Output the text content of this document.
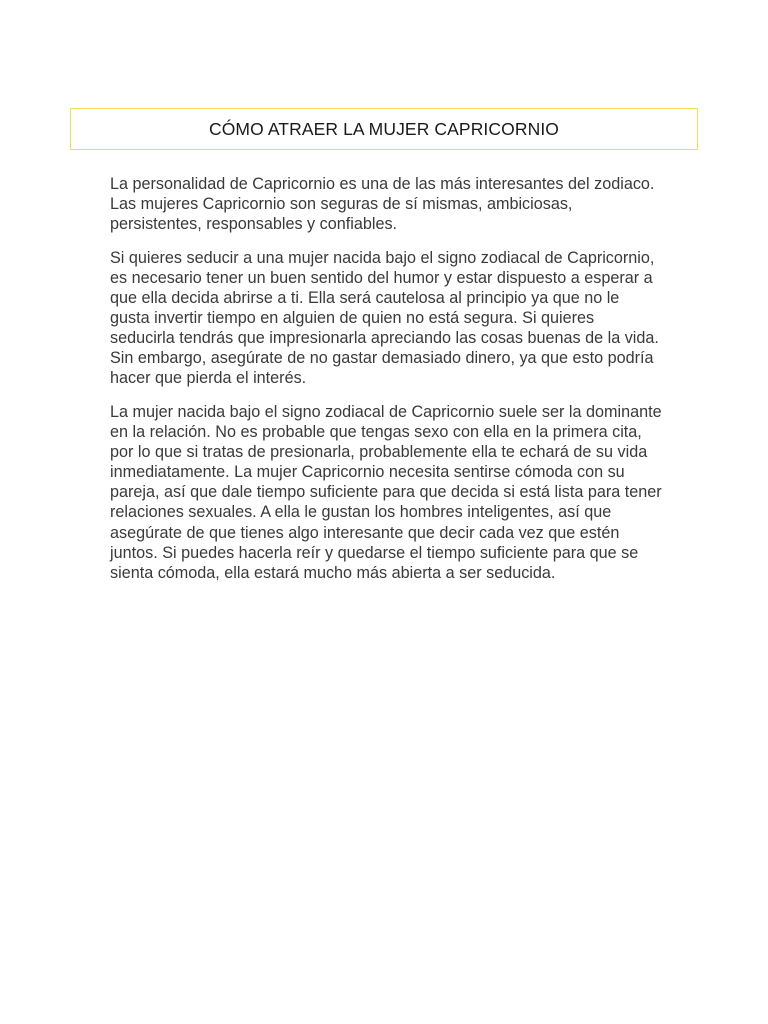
CÓMO ATRAER LA MUJER CAPRICORNIO

La personalidad de Capricornio es una de las más interesantes del zodiaco. Las mujeres Capricornio son seguras de sí mismas, ambiciosas, persistentes, responsables y confiables.

Si quieres seducir a una mujer nacida bajo el signo zodiacal de Capricornio, es necesario tener un buen sentido del humor y estar dispuesto a esperar a que ella decida abrirse a ti. Ella será cautelosa al principio ya que no le gusta invertir tiempo en alguien de quien no está segura. Si quieres seducirla tendrás que impresionarla apreciando las cosas buenas de la vida. Sin embargo, asegúrate de no gastar demasiado dinero, ya que esto podría hacer que pierda el interés.

La mujer nacida bajo el signo zodiacal de Capricornio suele ser la dominante en la relación. No es probable que tengas sexo con ella en la primera cita, por lo que si tratas de presionarla, probablemente ella te echará de su vida inmediatamente. La mujer Capricornio necesita sentirse cómoda con su pareja, así que dale tiempo suficiente para que decida si está lista para tener relaciones sexuales. A ella le gustan los hombres inteligentes, así que asegúrate de que tienes algo interesante que decir cada vez que estén juntos. Si puedes hacerla reír y quedarse el tiempo suficiente para que se sienta cómoda, ella estará mucho más abierta a ser seducida.
